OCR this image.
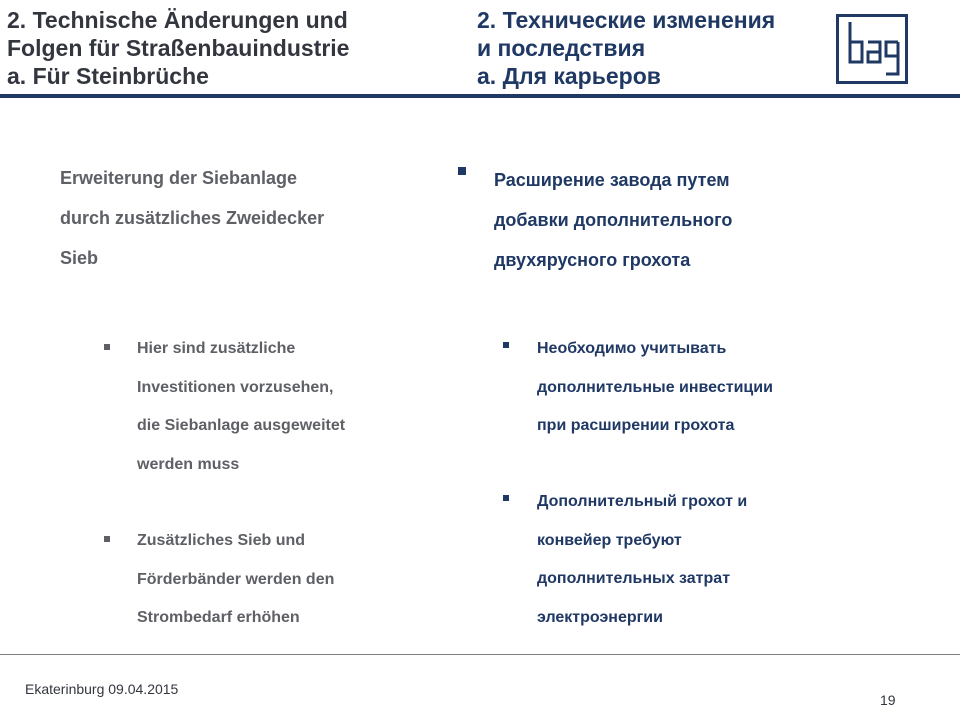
2. Technische Änderungen und
Folgen für Straßenbauindustrie
a. Für Steinbrüche
2. Технические изменения
и последствия
а. Для карьеров
Erweiterung der Siebanlage
durch zusätzliches Zweidecker
Sieb
Hier sind zusätzliche
Investitionen vorzusehen,
die Siebanlage ausgeweitet
werden muss
Zusätzliches Sieb und
Förderbänder werden den
Strombedarf erhöhen
Расширение завода путем
добавки дополнительного
двухярусного грохота
Необходимо учитывать
дополнительные инвестиции
при расширении грохота
Дополнительный грохот и
конвейер требуют
дополнительных затрат
электроэнергии
Ekaterinburg 09.04.2015
19
